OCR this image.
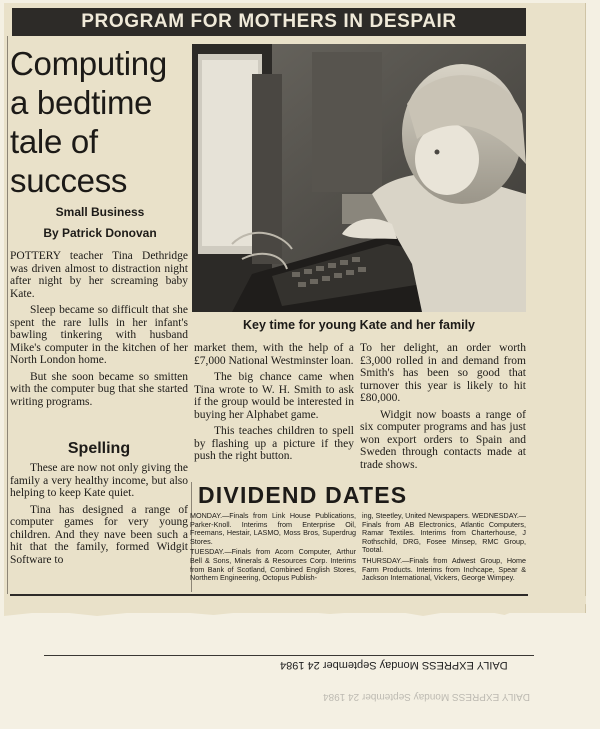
PROGRAM FOR MOTHERS IN DESPAIR
Computing
a bedtime
tale of
success
Small Business
By Patrick Donovan
Key time for young Kate and her family

POTTERY teacher Tina Dethridge was driven almost to distraction night after night by her screaming baby Kate.

Sleep became so difficult that she spent the rare lulls in her infant's bawling tinkering with husband Mike's computer in the kitchen of her North London home.

But she soon became so smitten with the computer bug that she started writing programs.

Spelling

These are now not only giving the family a very healthy income, but also helping to keep Kate quiet.

Tina has designed a range of computer games for very young children. And they nave been such a hit that the family, formed Widgit Software to

market them, with the help of a £7,000 National Westminster loan.

The big chance came when Tina wrote to W. H. Smith to ask if the group would be interested in buying her Alphabet game.

This teaches children to spell by flashing up a picture if they push the right button.

To her delight, an order worth £3,000 rolled in and demand from Smith's has been so good that turnover this year is likely to hit £80,000.

Widgit now boasts a range of six computer programs and has just won export orders to Spain and Sweden through contacts made at trade shows.

DIVIDEND DATES

MONDAY.—Finals from Link House Publications, Parker-Knoll. Interims from Enterprise Oil, Freemans, Hestair, LASMO, Moss Bros, Superdrug Stores.

TUESDAY.—Finals from Acorn Computer, Arthur Bell & Sons, Minerals & Resources Corp. Interims from Bank of Scotland, Combined English Stores, Northern Engineering, Octopus Publish-

ing, Steetley, United Newspapers. WEDNESDAY.—Finals from AB Electronics, Atlantic Computers, Ramar Textiles. Interims from Charterhouse, J Rothschild, DRG, Fosee Minsep, RMC Group, Tootal.

THURSDAY.—Finals from Adwest Group, Home Farm Products. Interims from Inchcape, Spear & Jackson International, Vickers, George Wimpey.

DAILY EXPRESS Monday September 24 1984
DAILY EXPRESS Monday September 24 1984
